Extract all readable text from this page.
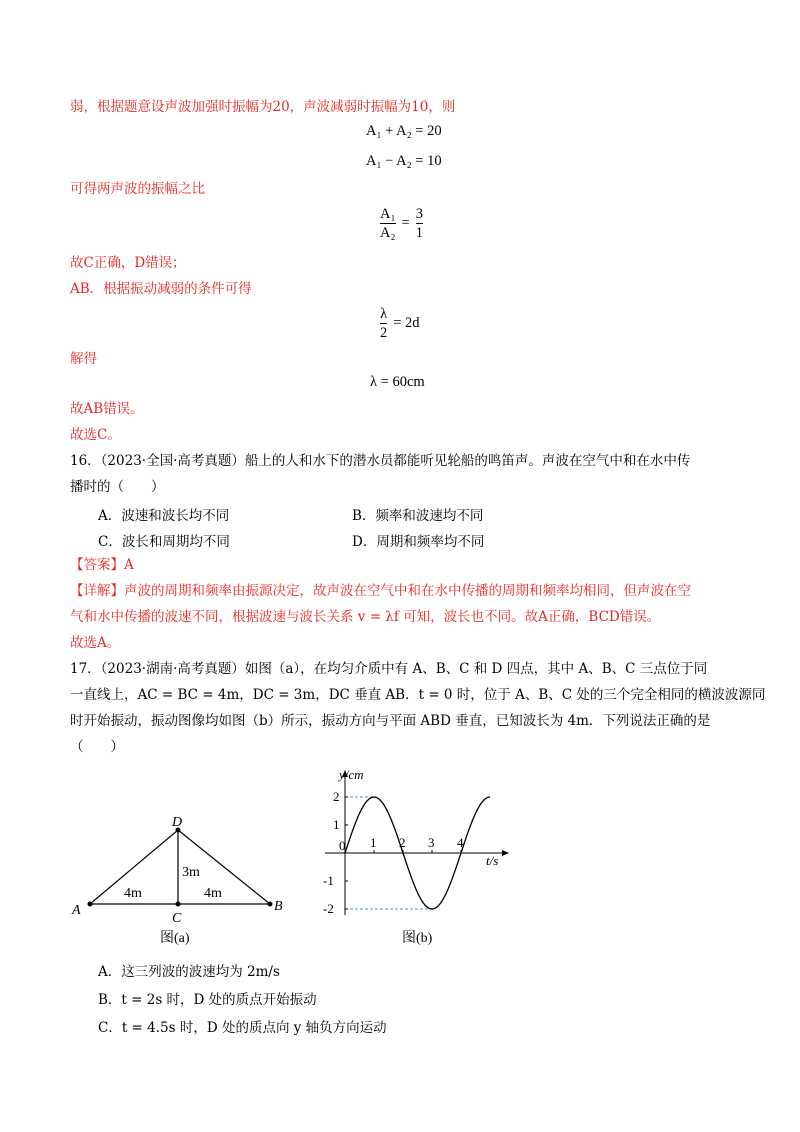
弱，根据题意设声波加强时振幅为20，声波减弱时振幅为10，则
A₁ + A₂ = 20
A₁ − A₂ = 10
可得两声波的振幅之比
$\frac{\text{A₁}}{\text{A₂}} = \frac{3}{1}$
故C正确，D错误；
AB．根据振动减弱的条件可得
$\frac{\lambda}{2} = 2d$
解得
λ = 60cm
故AB错误。
故选C。
16．（2023·全国·高考真题）船上的人和水下的潜水员都能听见轮船的鸣笛声。声波在空气中和在水中传
播时的（　　）
A．波速和波长均不同	B．频率和波速均不同
C．波长和周期均不同	D．周期和频率均不同
【答案】A
【详解】声波的周期和频率由振源决定，故声波在空气中和在水中传播的周期和频率均相同，但声波在空
气和水中传播的波速不同，根据波速与波长关系 v = λf 可知，波长也不同。故A正确，BCD错误。
故选A。
17．（2023·湖南·高考真题）如图（a），在均匀介质中有 A、B、C 和 D 四点，其中 A、B、C 三点位于同
一直线上，AC = BC = 4m，DC = 3m，DC 垂直 AB．t = 0 时，位于 A、B、C 处的三个完全相同的横波波源同
时开始振动，振动图像均如图（b）所示，振动方向与平面 ABD 垂直，已知波长为 4m．下列说法正确的是
（　　）
A
C
B
D
4m	4m
3m
图(a)
1 2 3 4
2
1
-1
-2
y/cm
t/s
0
图(b)
A．这三列波的波速均为 2m/s
B．t = 2s 时，D 处的质点开始振动
C．t = 4.5s 时，D 处的质点向 y 轴负方向运动
